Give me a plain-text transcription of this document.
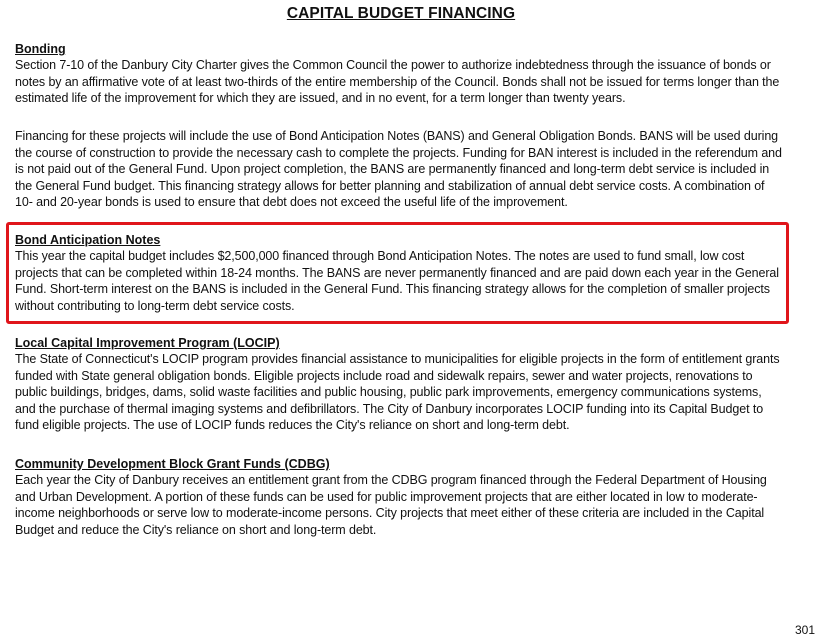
CAPITAL BUDGET FINANCING

Bonding

Section 7-10 of the Danbury City Charter gives the Common Council the power to authorize indebtedness through the issuance of bonds or notes by an affirmative vote of at least two-thirds of the entire membership of the Council. Bonds shall not be issued for terms longer than the estimated life of the improvement for which they are issued, and in no event, for a term longer than twenty years.

Financing for these projects will include the use of Bond Anticipation Notes (BANS) and General Obligation Bonds. BANS will be used during the course of construction to provide the necessary cash to complete the projects. Funding for BAN interest is included in the referendum and is not paid out of the General Fund. Upon project completion, the BANS are permanently financed and long-term debt service is included in the General Fund budget. This financing strategy allows for better planning and stabilization of annual debt service costs. A combination of 10- and 20-year bonds is used to ensure that debt does not exceed the useful life of the improvement.

Bond Anticipation Notes

This year the capital budget includes $2,500,000 financed through Bond Anticipation Notes. The notes are used to fund small, low cost projects that can be completed within 18-24 months. The BANS are never permanently financed and are paid down each year in the General Fund. Short-term interest on the BANS is included in the General Fund. This financing strategy allows for the completion of smaller projects without contributing to long-term debt service costs.

Local Capital Improvement Program (LOCIP)

The State of Connecticut's LOCIP program provides financial assistance to municipalities for eligible projects in the form of entitlement grants funded with State general obligation bonds. Eligible projects include road and sidewalk repairs, sewer and water projects, renovations to public buildings, bridges, dams, solid waste facilities and public housing, public park improvements, emergency communications systems, and the purchase of thermal imaging systems and defibrillators. The City of Danbury incorporates LOCIP funding into its Capital Budget to fund eligible projects. The use of LOCIP funds reduces the City's reliance on short and long-term debt.

Community Development Block Grant Funds (CDBG)

Each year the City of Danbury receives an entitlement grant from the CDBG program financed through the Federal Department of Housing and Urban Development. A portion of these funds can be used for public improvement projects that are either located in low to moderate-income neighborhoods or serve low to moderate-income persons. City projects that meet either of these criteria are included in the Capital Budget and reduce the City's reliance on short and long-term debt.

301
